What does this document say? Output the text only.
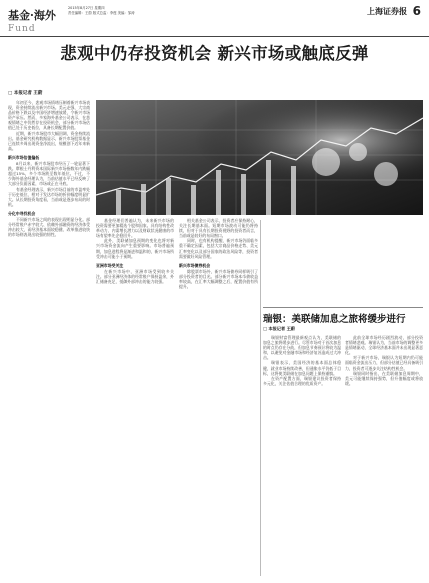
基金·海外
2015年8月27日 星期四
责任编辑：王蔚 版式总监：李莲 美编：邹涛	上海证券报 6
Fund
悲观中仍存投资机会 新兴市场或触底反弹
□ 本报记者 王蔚

年初至今，悲观市场情绪压制着新兴市场表现，资金持续流出新兴市场。美元走强、大宗商品价格下跌以及中国经济增速放缓，令新兴市场资产承压。然而，多家海外基金公司表示，在悲观情绪之中仍然存在投资机会，部分新兴市场估值已处于历史低位，具备长期配置价值。

近期，新兴市场股市大幅回调，资金持续流出。基金研究机构数据显示，新兴市场股票基金已连续多周出现资金净流出，规模创下近年来新高。

新兴市场估值偏低

8月以来，新兴市场股市经历了一轮显著下跌。摩根士丹利资本国际新兴市场指数年内跌幅超过15%，多个市场跌至数年低位。不过，不少海外基金经理认为，当前估值水平已经反映了大部分负面因素，市场或正在寻底。

有基金经理表示，新兴市场目前的市盈率处于历史低位，相对于发达市场的折价幅度明显扩大。从长期投资角度看，当前或是逐步布局的时机。

分化中寻找机会

不同新兴市场之间的表现出现明显分化。部分经常账户赤字较大、依赖外部融资的经济体受冲击较大，而经济基本面较稳健、改革推进较快的市场则表现出较强的韧性。

基金经理们普遍认为，未来新兴市场的投资需要更加精选个股和国家。具有结构性改革动力、内需增长潜力以及财政状况健康的市场有望率先企稳回升。

此外，美联储加息预期的变化也将对新兴市场资金流向产生重要影响。市场普遍预期，加息进程将是渐进和温和的，新兴市场所受冲击可能小于预期。

亚洲市场受关注

在新兴市场中，亚洲市场受到较多关注。部分亚洲经济体的经常账户保持盈余，外汇储备充足，抵御外部冲击的能力较强。

相关基金公司表示，投资者应保持耐心，关注长期基本面。短期市场波动可能仍将持续，但对于具有长期投资视野的投资者而言，当前或是较好的布局窗口。

同时，也有机构提醒，新兴市场仍面临多重不确定因素，包括大宗商品价格走势、美元汇率变化以及部分国家的政治风险等，投资者需要做好风险管理。

新兴市场债券机会

除股票市场外，新兴市场债券同样吸引了部分投资者的目光。部分新兴市场本币债收益率较高，在汇率大幅调整之后，配置价值有所提升。

瑞银：美联储加息之旅将缓步进行
□ 本报记者 王蔚

瑞银财富管理最新观点认为，美联储的加息之旅将缓步进行。尽管市场对于首次加息的时点仍存在分歧，但加息节奏预计将较为温和，以避免对金融市场和经济复苏造成过大冲击。

瑞银表示，美国经济的基本面总体稳健，就业市场持续改善，但通胀水平仍低于目标，这将使美联储在加息问题上保持谨慎。

在资产配置方面，瑞银建议投资者保持多元化，关注估值合理的优质资产。

此前全球市场经历剧烈波动，部分投资者情绪悲观。瑞银认为，当前市场的调整更多是情绪驱动，全球经济基本面并未出现显著恶化。

对于新兴市场，瑞银认为短期内仍可能面临资金流出压力，但部分估值已经具备吸引力，投资者可逐步关注结构性机会。

瑞银同时指出，在美联储加息周期中，美元可能继续保持强势，但升值幅度或将放缓。
